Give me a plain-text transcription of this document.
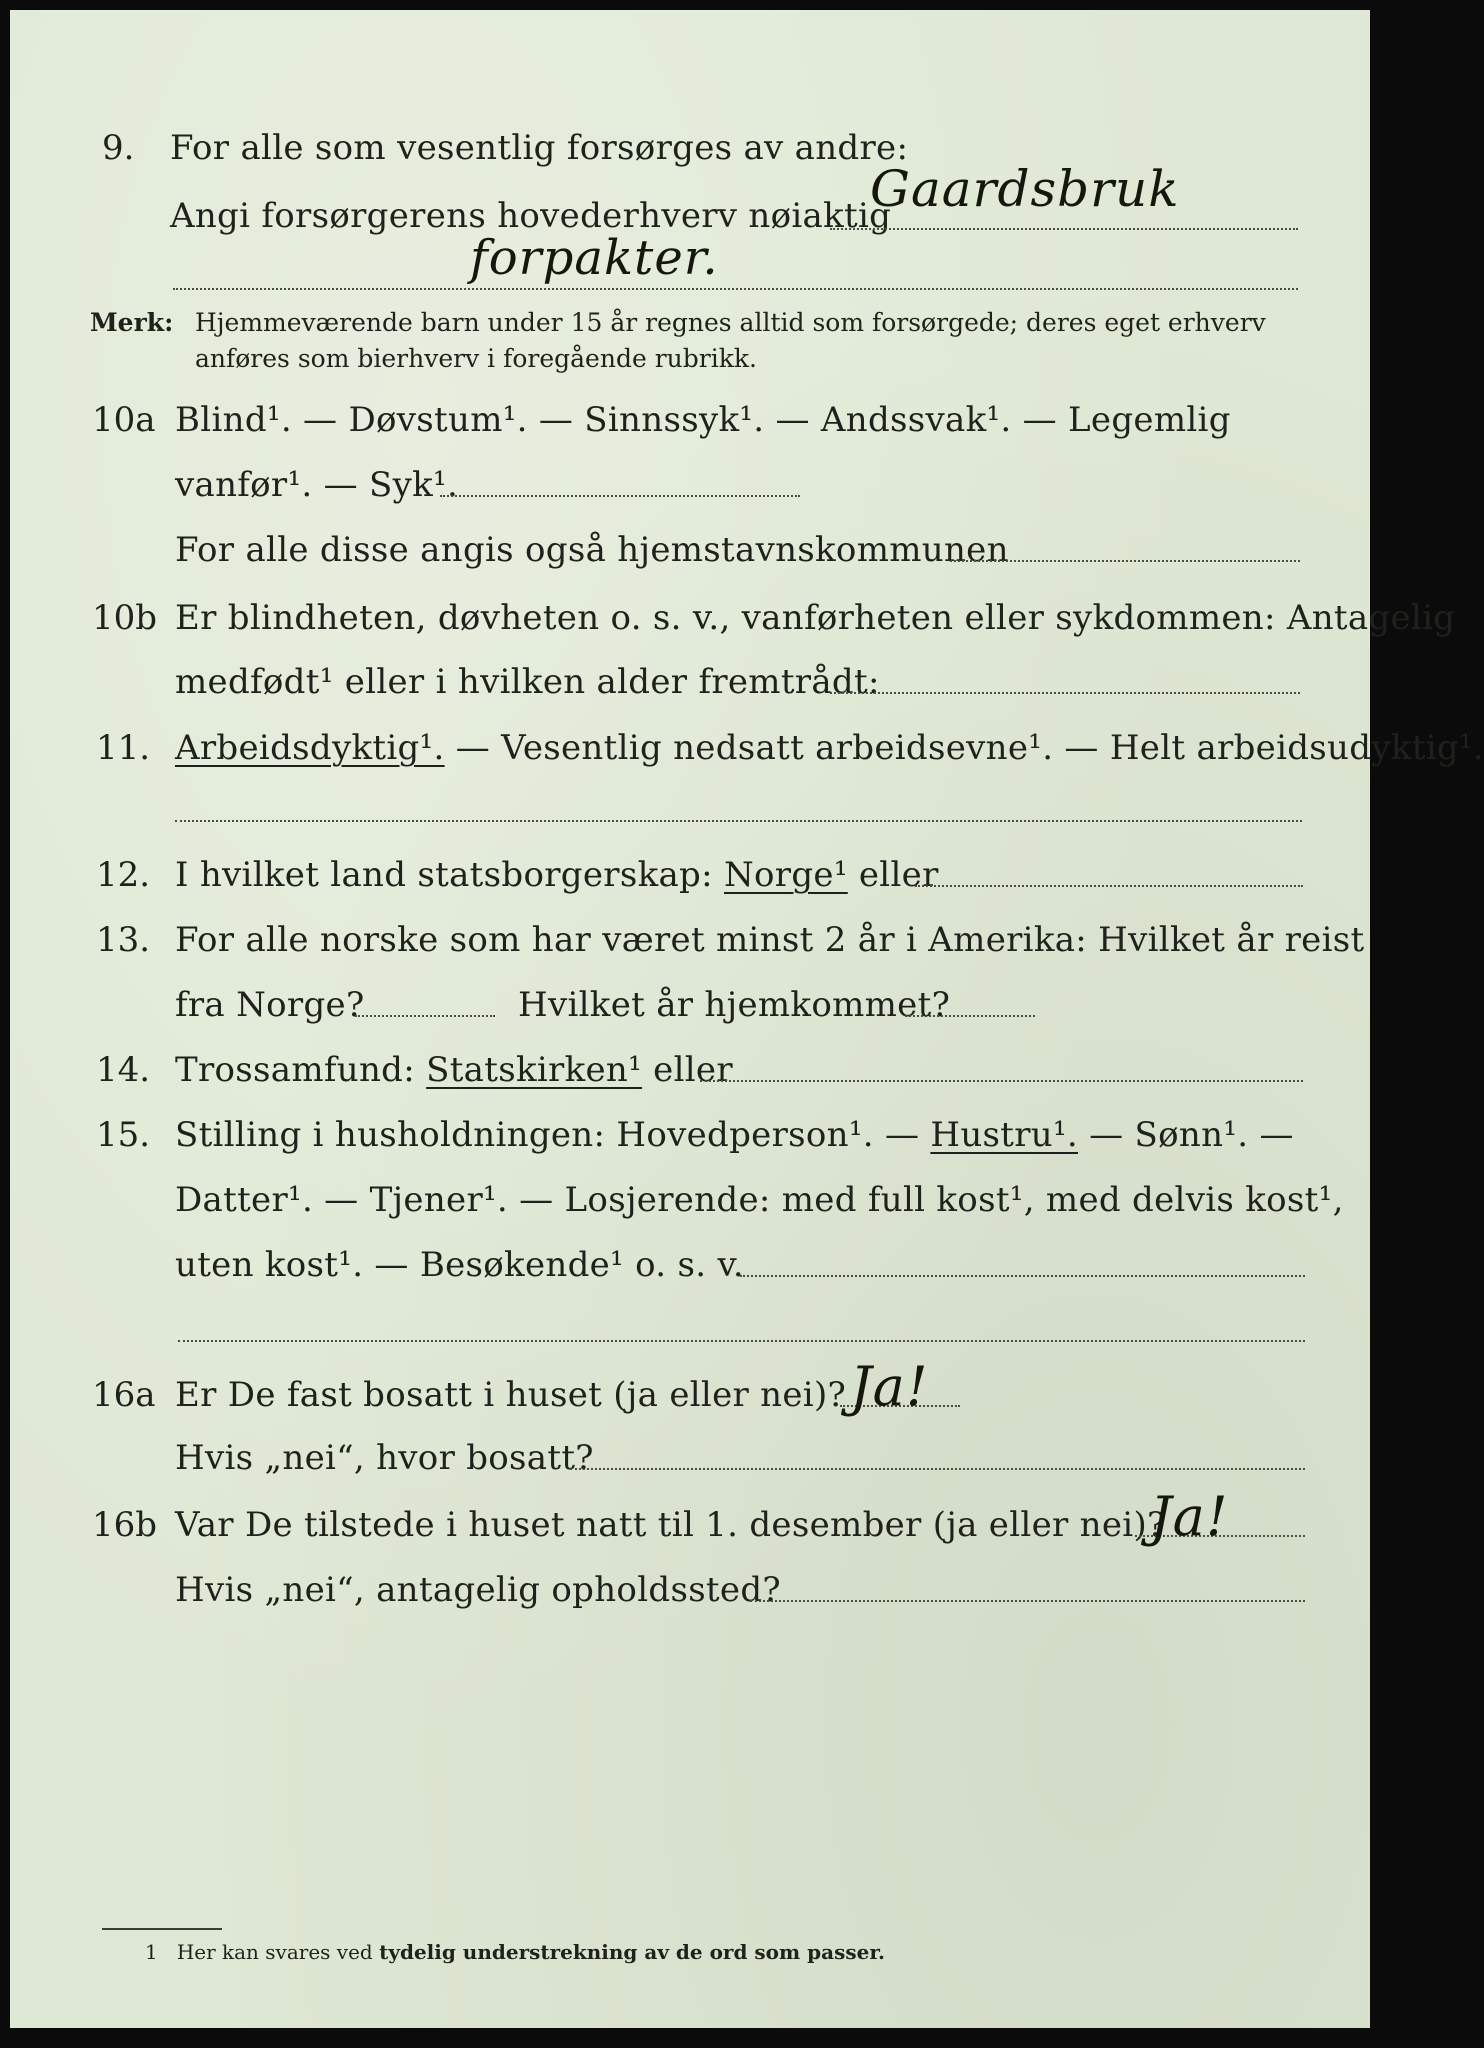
9. For alle som vesentlig forsørges av andre:
Angi forsørgerens hovederhverv nøiaktig
Gaardsbruk
forpakter.
Merk: Hjemmeværende barn under 15 år regnes alltid som forsørgede; deres eget erhverv
anføres som bierhverv i foregående rubrikk.
10a Blind¹. — Døvstum¹. — Sinnssyk¹. — Andssvak¹. — Legemlig
vanfør¹. — Syk¹.
For alle disse angis også hjemstavnskommunen
10b Er blindheten, døvheten o. s. v., vanførheten eller sykdommen: Antagelig
medfødt¹ eller i hvilken alder fremtrådt:
11. Arbeidsdyktig¹. — Vesentlig nedsatt arbeidsevne¹. — Helt arbeidsudyktig¹.
12. I hvilket land statsborgerskap: Norge¹ eller
13. For alle norske som har været minst 2 år i Amerika: Hvilket år reist
fra Norge?	Hvilket år hjemkommet?
14. Trossamfund: Statskirken¹ eller
15. Stilling i husholdningen: Hovedperson¹. — Hustru¹. — Sønn¹. —
Datter¹. — Tjener¹. — Losjerende: med full kost¹, med delvis kost¹,
uten kost¹. — Besøkende¹ o. s. v.
16a Er De fast bosatt i huset (ja eller nei)? Ja!
Hvis „nei“, hvor bosatt?
16b Var De tilstede i huset natt til 1. desember (ja eller nei)?
Ja!
Hvis „nei“, antagelig opholdssted?
1 Her kan svares ved tydelig understrekning av de ord som passer.
